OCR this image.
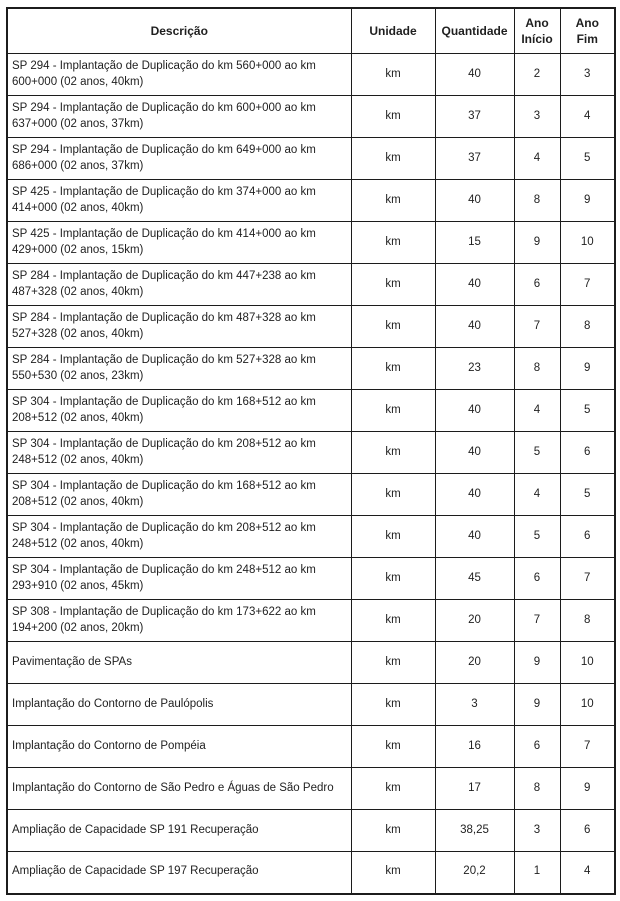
Descrição	Unidade	Quantidade	Ano Início	Ano Fim
SP 294 - Implantação de Duplicação do km 560+000 ao km 600+000 (02 anos, 40km)	km	40	2	3
SP 294 - Implantação de Duplicação do km 600+000 ao km 637+000 (02 anos, 37km)	km	37	3	4
SP 294 - Implantação de Duplicação do km 649+000 ao km 686+000 (02 anos, 37km)	km	37	4	5
SP 425 - Implantação de Duplicação do km 374+000 ao km 414+000 (02 anos, 40km)	km	40	8	9
SP 425 - Implantação de Duplicação do km 414+000 ao km 429+000 (02 anos, 15km)	km	15	9	10
SP 284 - Implantação de Duplicação do km 447+238 ao km 487+328 (02 anos, 40km)	km	40	6	7
SP 284 - Implantação de Duplicação do km 487+328 ao km 527+328 (02 anos, 40km)	km	40	7	8
SP 284 - Implantação de Duplicação do km 527+328 ao km 550+530 (02 anos, 23km)	km	23	8	9
SP 304 - Implantação de Duplicação do km 168+512 ao km 208+512 (02 anos, 40km)	km	40	4	5
SP 304 - Implantação de Duplicação do km 208+512 ao km 248+512 (02 anos, 40km)	km	40	5	6
SP 304 - Implantação de Duplicação do km 168+512 ao km 208+512 (02 anos, 40km)	km	40	4	5
SP 304 - Implantação de Duplicação do km 208+512 ao km 248+512 (02 anos, 40km)	km	40	5	6
SP 304 - Implantação de Duplicação do km 248+512 ao km 293+910 (02 anos, 45km)	km	45	6	7
SP 308 - Implantação de Duplicação do km 173+622 ao km 194+200 (02 anos, 20km)	km	20	7	8
Pavimentação de SPAs	km	20	9	10
Implantação do Contorno de Paulópolis	km	3	9	10
Implantação do Contorno de Pompéia	km	16	6	7
Implantação do Contorno de São Pedro e Águas de São Pedro	km	17	8	9
Ampliação de Capacidade SP 191 Recuperação	km	38,25	3	6
Ampliação de Capacidade SP 197 Recuperação	km	20,2	1	4
